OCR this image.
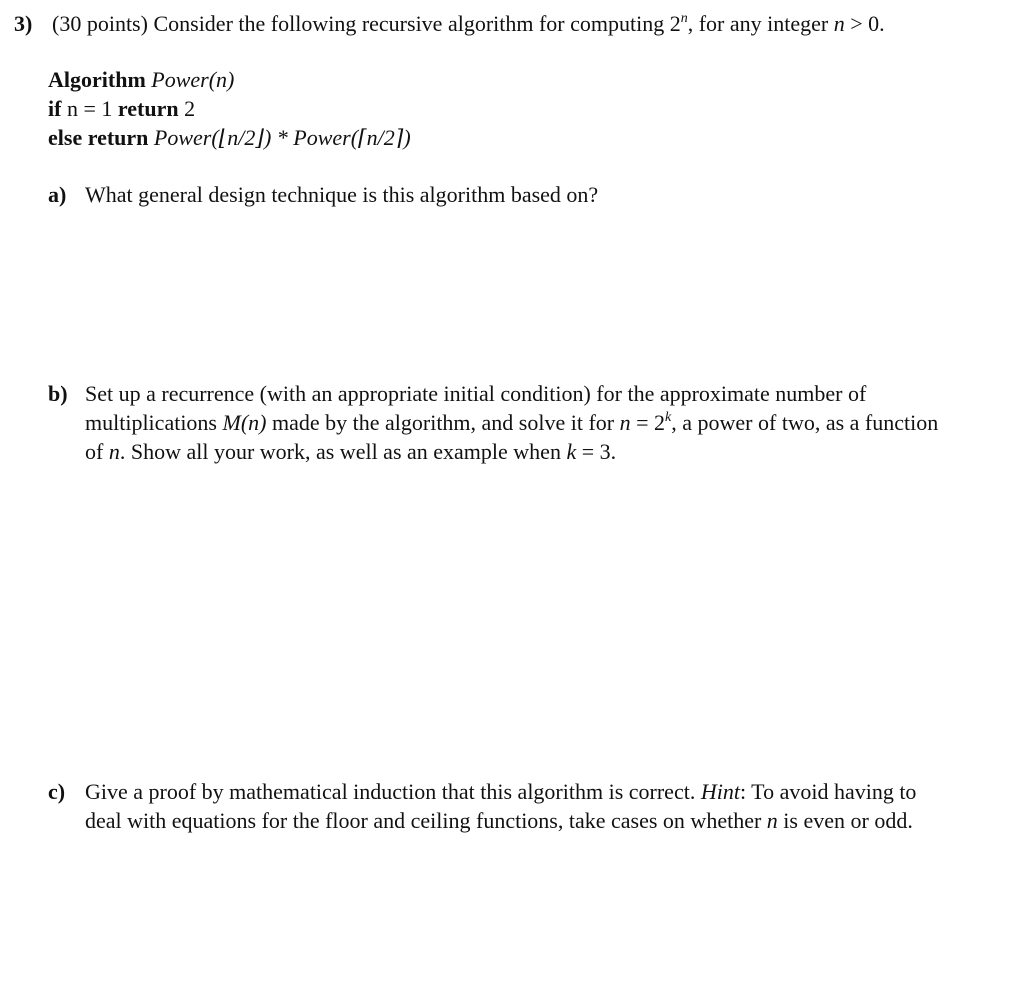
3) (30 points) Consider the following recursive algorithm for computing 2$^n$, for any integer n > 0.
Algorithm Power(n)
if n = 1 return 2
else return Power(⌊n/2⌋) * Power(⌈n/2⌉)
a) What general design technique is this algorithm based on?
b) Set up a recurrence (with an appropriate initial condition) for the approximate number of
multiplications M(n) made by the algorithm, and solve it for $n = 2^k$, a power of two, as a function
of n. Show all your work, as well as an example when k = 3.
c) Give a proof by mathematical induction that this algorithm is correct. Hint: To avoid having to
deal with equations for the floor and ceiling functions, take cases on whether n is even or odd.
